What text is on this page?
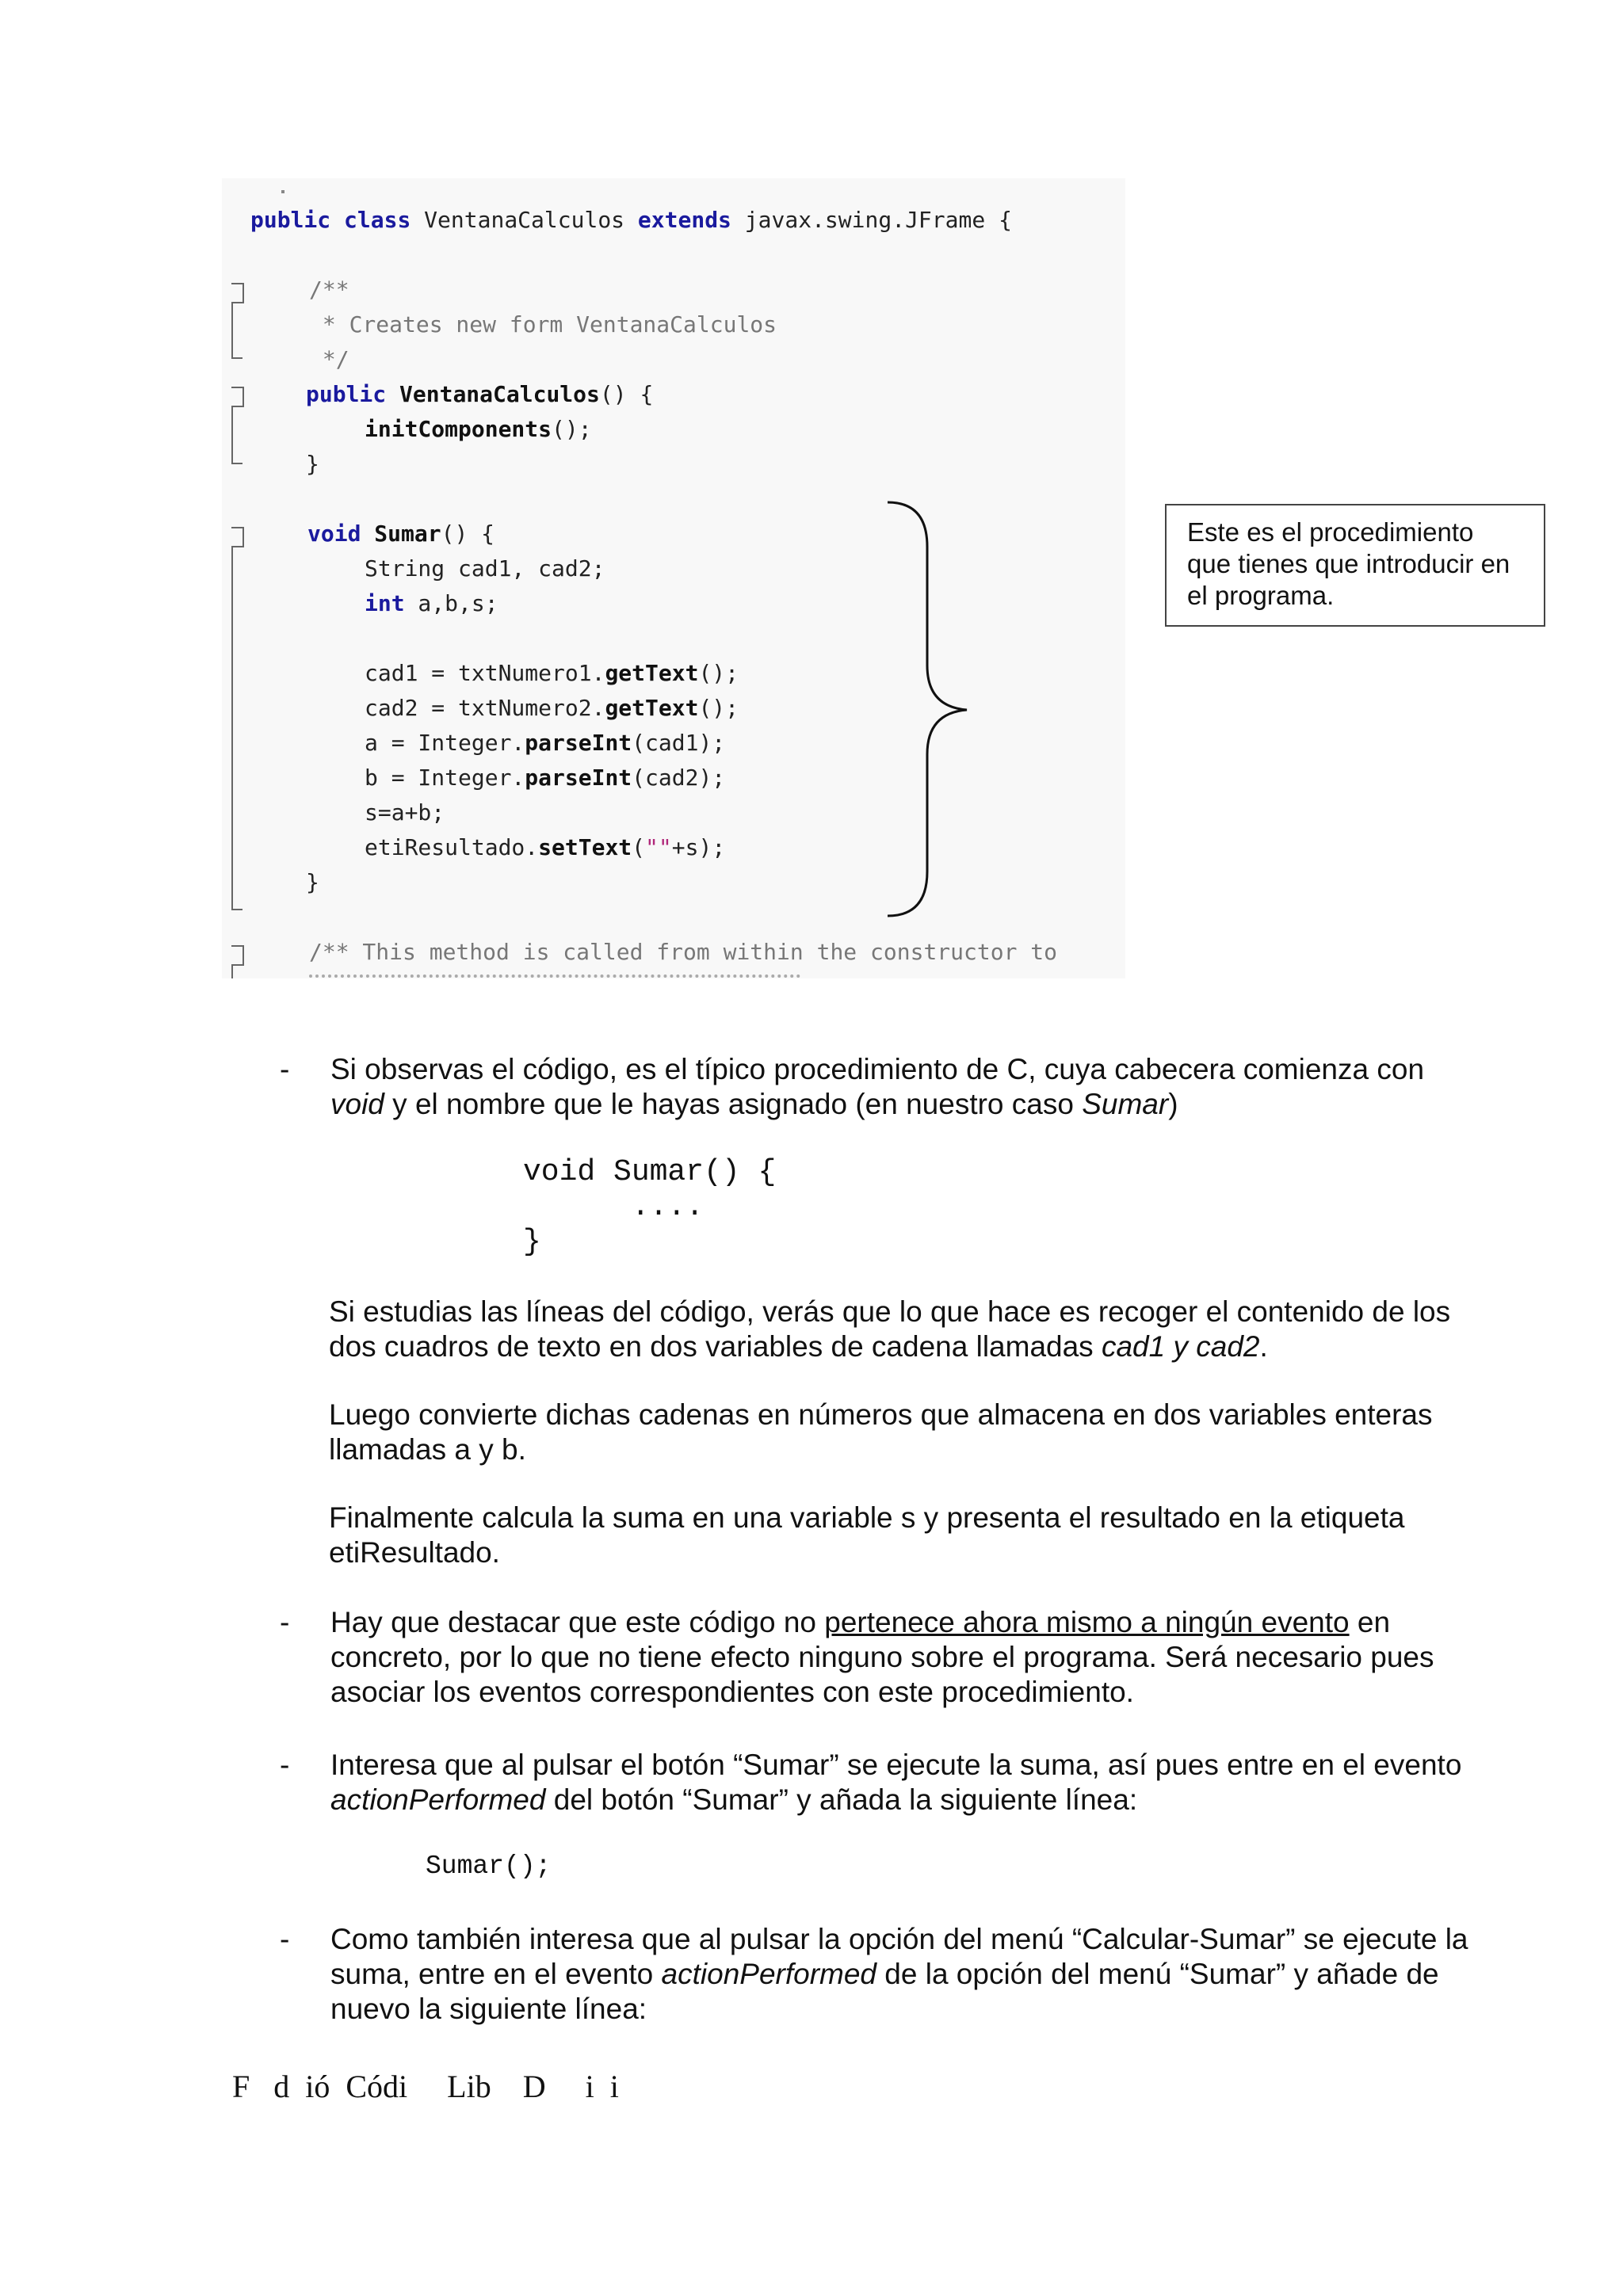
public class VentanaCalculos extends javax.swing.JFrame {
/**
* Creates new form VentanaCalculos
*/
public VentanaCalculos() {
initComponents();
}
void Sumar() {
String cad1, cad2;
int a,b,s;
cad1 = txtNumero1.getText();
cad2 = txtNumero2.getText();
a = Integer.parseInt(cad1);
b = Integer.parseInt(cad2);
s=a+b;
etiResultado.setText(""+s);
}
/** This method is called from within the constructor to
Este es el procedimiento que tienes que introducir en el programa.
- Si observas el código, es el típico procedimiento de C, cuya cabecera comienza con void y el nombre que le hayas asignado (en nuestro caso Sumar)
void Sumar() {
....
}
Si estudias las líneas del código, verás que lo que hace es recoger el contenido de los dos cuadros de texto en dos variables de cadena llamadas cad1 y cad2.
Luego convierte dichas cadenas en números que almacena en dos variables enteras llamadas a y b.
Finalmente calcula la suma en una variable s y presenta el resultado en la etiqueta etiResultado.
- Hay que destacar que este código no pertenece ahora mismo a ningún evento en concreto, por lo que no tiene efecto ninguno sobre el programa. Será necesario pues asociar los eventos correspondientes con este procedimiento.
- Interesa que al pulsar el botón “Sumar” se ejecute la suma, así pues entre en el evento actionPerformed del botón “Sumar” y añada la siguiente línea:
Sumar();
- Como también interesa que al pulsar la opción del menú “Calcular-Sumar” se ejecute la suma, entre en el evento actionPerformed de la opción del menú “Sumar” y añade de nuevo la siguiente línea:
F   d  ió  Códi     Lib    D     i  i
